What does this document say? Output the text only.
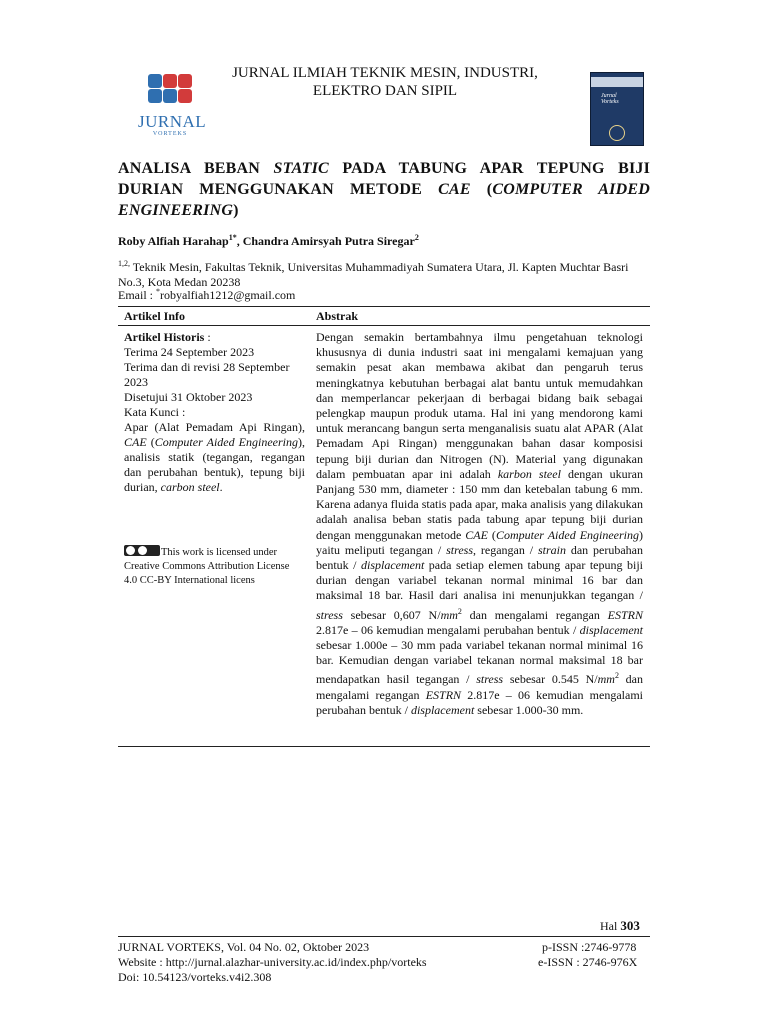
JURNAL
VORTEKS
JURNAL ILMIAH TEKNIK MESIN, INDUSTRI, ELEKTRO DAN SIPIL	Jurnal
Vorteks
ANALISA BEBAN STATIC PADA TABUNG APAR TEPUNG BIJI DURIAN MENGGUNAKAN METODE CAE (COMPUTER AIDED ENGINEERING)
Roby Alfiah Harahap$^{1*}$, Chandra Amirsyah Putra Siregar$^2$
$^{1,2,}$ Teknik Mesin, Fakultas Teknik, Universitas Muhammadiyah Sumatera Utara, Jl. Kapten Muchtar Basri No.3, Kota Medan 20238
Email : *robyalfiah1212@gmail.com
Artikel Info	Abstrak
Artikel Historis :
Terima 24 September 2023
Terima dan di revisi 28 September 2023
Disetujui 31 Oktober 2023
Kata Kunci :
Apar (Alat Pemadam Api Ringan), CAE (Computer Aided Engineering), analisis statik (tegangan, regangan dan perubahan bentuk), tepung biji durian, carbon steel.
This work is licensed under Creative Commons Attribution License 4.0 CC-BY International licens
Dengan semakin bertambahnya ilmu pengetahuan teknologi khususnya di dunia industri saat ini mengalami kemajuan yang semakin pesat akan membawa akibat dan pengaruh terus meningkatnya kebutuhan berbagai alat bantu untuk memudahkan dan memperlancar pekerjaan di berbagai bidang baik sebagai pelengkap maupun produk utama. Hal ini yang mendorong kami untuk merancang bangun serta menganalisis suatu alat APAR (Alat Pemadam Api Ringan) menggunakan bahan dasar komposisi tepung biji durian dan Nitrogen (N). Material yang digunakan dalam pembuatan apar ini adalah karbon steel dengan ukuran Panjang 530 mm, diameter : 150 mm dan ketebalan tabung 6 mm. Karena adanya fluida statis pada apar, maka analisis yang dilakukan adalah analisa beban statis pada tabung apar tepung biji durian dengan menggunakan metode CAE (Computer Aided Engineering) yaitu meliputi tegangan / stress, regangan / strain dan perubahan bentuk / displacement pada setiap elemen tabung apar tepung biji durian dengan variabel tekanan normal minimal 16 bar dan maksimal 18 bar. Hasil dari analisa ini menunjukkan tegangan / stress sebesar 0,607 $N/mm^2$ dan mengalami regangan ESTRN 2.817e – 06 kemudian mengalami perubahan bentuk / displacement sebesar 1.000e – 30 mm pada variabel tekanan normal minimal 16 bar. Kemudian dengan variabel tekanan normal maksimal 18 bar mendapatkan hasil tegangan / stress sebesar 0.545 $N/mm^2$ dan mengalami regangan ESTRN 2.817e – 06 kemudian mengalami perubahan bentuk / displacement sebesar 1.000-30 mm.
Hal 303
JURNAL VORTEKS, Vol. 04 No. 02, Oktober 2023
Website : http://jurnal.alazhar-university.ac.id/index.php/vorteks
Doi: 10.54123/vorteks.v4i2.308
p-ISSN :2746-9778
e-ISSN : 2746-976X
